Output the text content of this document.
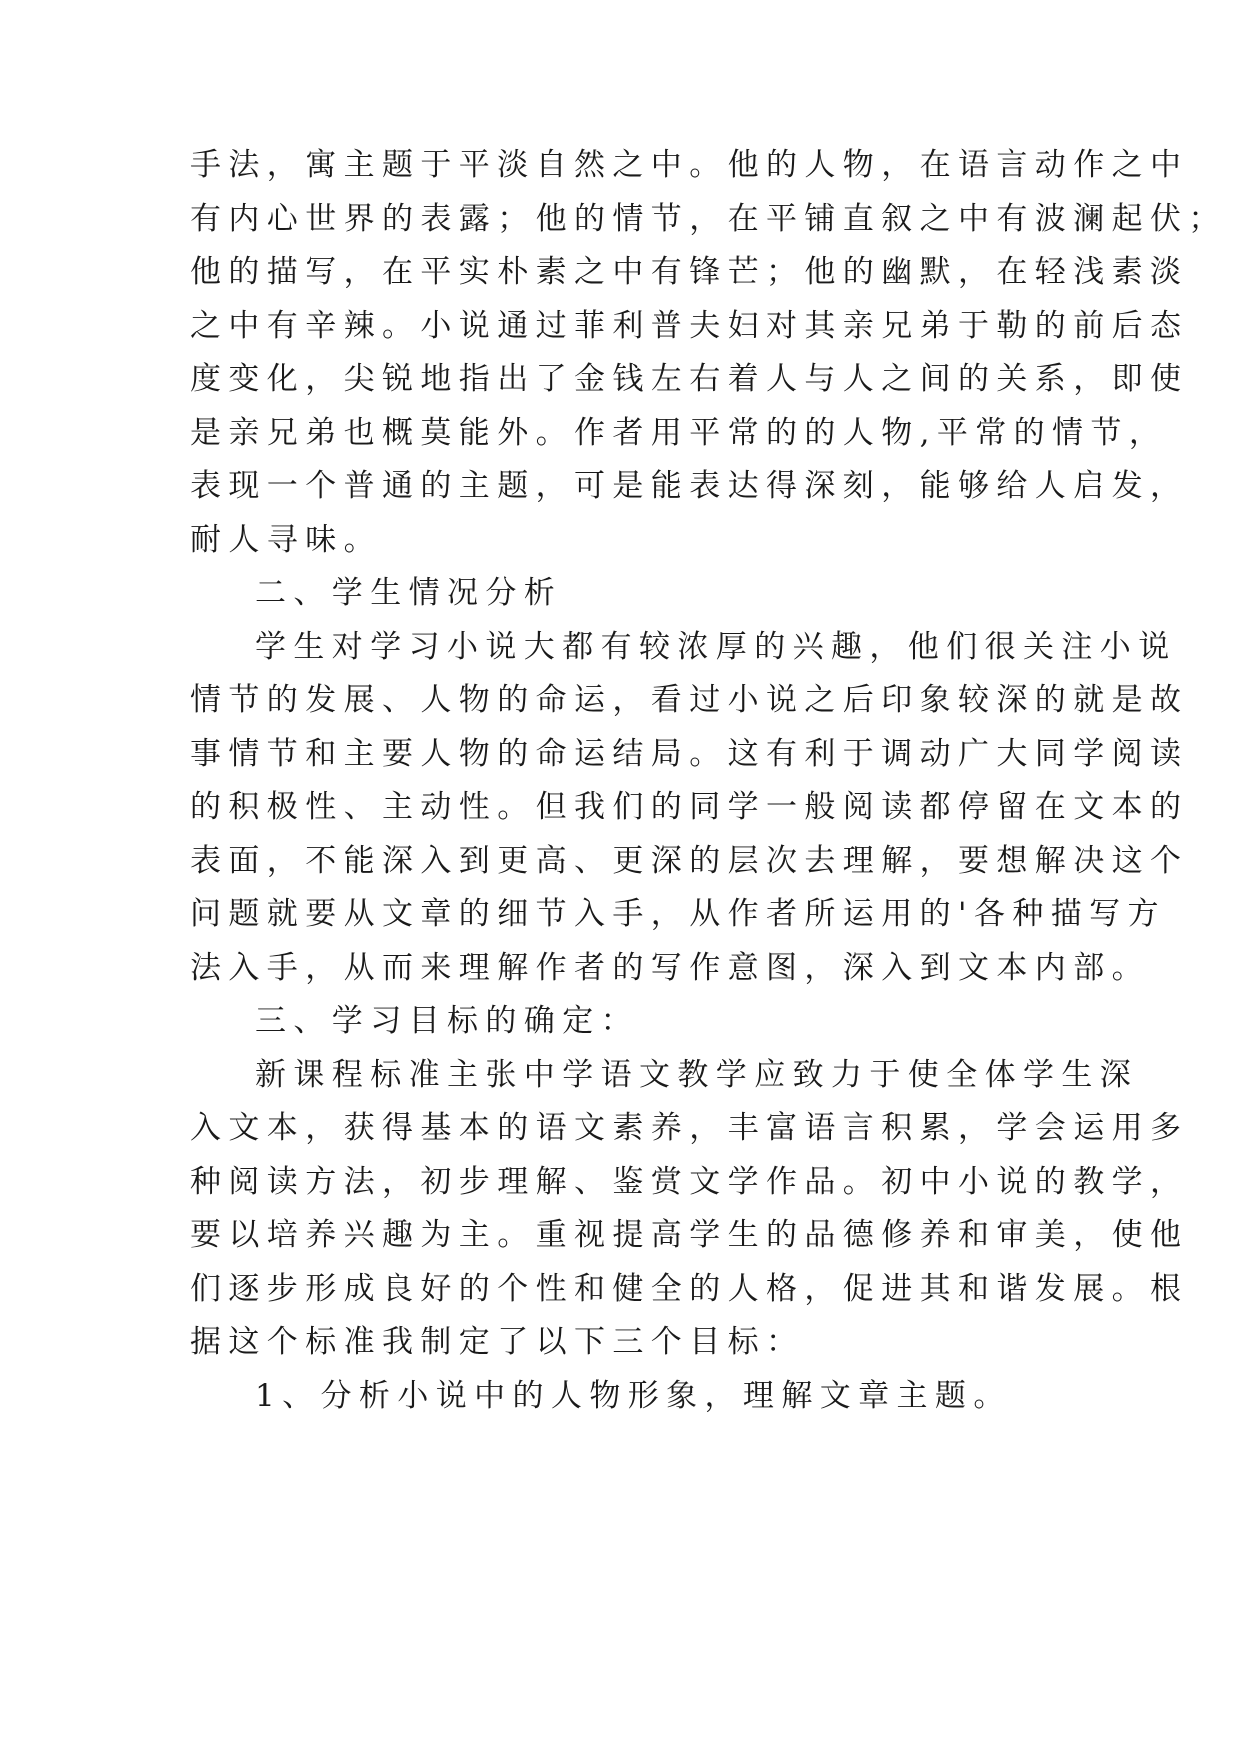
手法，寓主题于平淡自然之中。他的人物，在语言动作之中
有内心世界的表露；他的情节，在平铺直叙之中有波澜起伏；
他的描写，在平实朴素之中有锋芒；他的幽默，在轻浅素淡
之中有辛辣。小说通过菲利普夫妇对其亲兄弟于勒的前后态
度变化，尖锐地指出了金钱左右着人与人之间的关系，即使
是亲兄弟也概莫能外。作者用平常的的人物,平常的情节，
表现一个普通的主题，可是能表达得深刻，能够给人启发，
耐人寻味。
二、学生情况分析
学生对学习小说大都有较浓厚的兴趣，他们很关注小说
情节的发展、人物的命运，看过小说之后印象较深的就是故
事情节和主要人物的命运结局。这有利于调动广大同学阅读
的积极性、主动性。但我们的同学一般阅读都停留在文本的
表面，不能深入到更高、更深的层次去理解，要想解决这个
问题就要从文章的细节入手，从作者所运用的'各种描写方
法入手，从而来理解作者的写作意图，深入到文本内部。
三、学习目标的确定：
新课程标准主张中学语文教学应致力于使全体学生深
入文本，获得基本的语文素养，丰富语言积累，学会运用多
种阅读方法，初步理解、鉴赏文学作品。初中小说的教学，
要以培养兴趣为主。重视提高学生的品德修养和审美，使他
们逐步形成良好的个性和健全的人格，促进其和谐发展。根
据这个标准我制定了以下三个目标：
1、分析小说中的人物形象，理解文章主题。
